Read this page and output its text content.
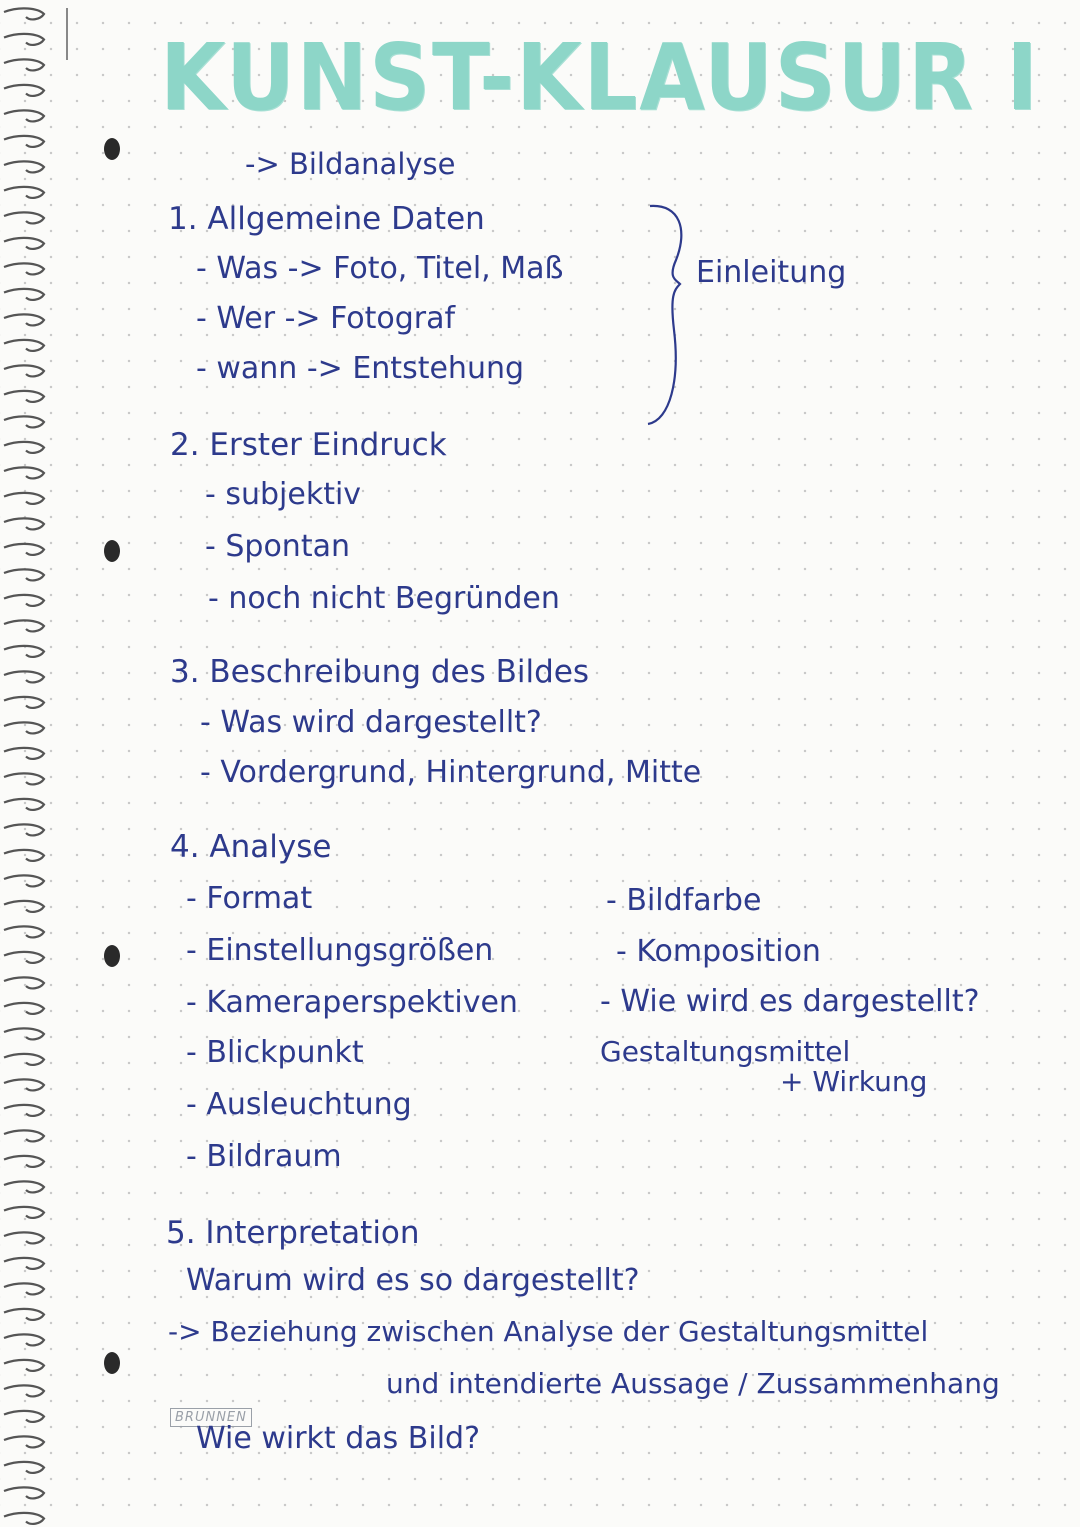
KUNST-KLAUSUR I
-> Bildanalyse
1. Allgemeine Daten
- Was -> Foto, Titel, Maß
- Wer -> Fotograf
- wann -> Entstehung
Einleitung
2. Erster Eindruck
- subjektiv
- Spontan
- noch nicht Begründen
3. Beschreibung des Bildes
- Was wird dargestellt?
- Vordergrund, Hintergrund, Mitte
4. Analyse
- Format
- Einstellungsgrößen
- Kameraperspektiven
- Blickpunkt
- Ausleuchtung
- Bildraum
- Bildfarbe
- Komposition
- Wie wird es dargestellt?
Gestaltungsmittel
+ Wirkung
5. Interpretation
Warum wird es so dargestellt?
-> Beziehung zwischen Analyse der Gestaltungsmittel
und intendierte Aussage / Zussammenhang
BRUNNEN
Wie wirkt das Bild?
